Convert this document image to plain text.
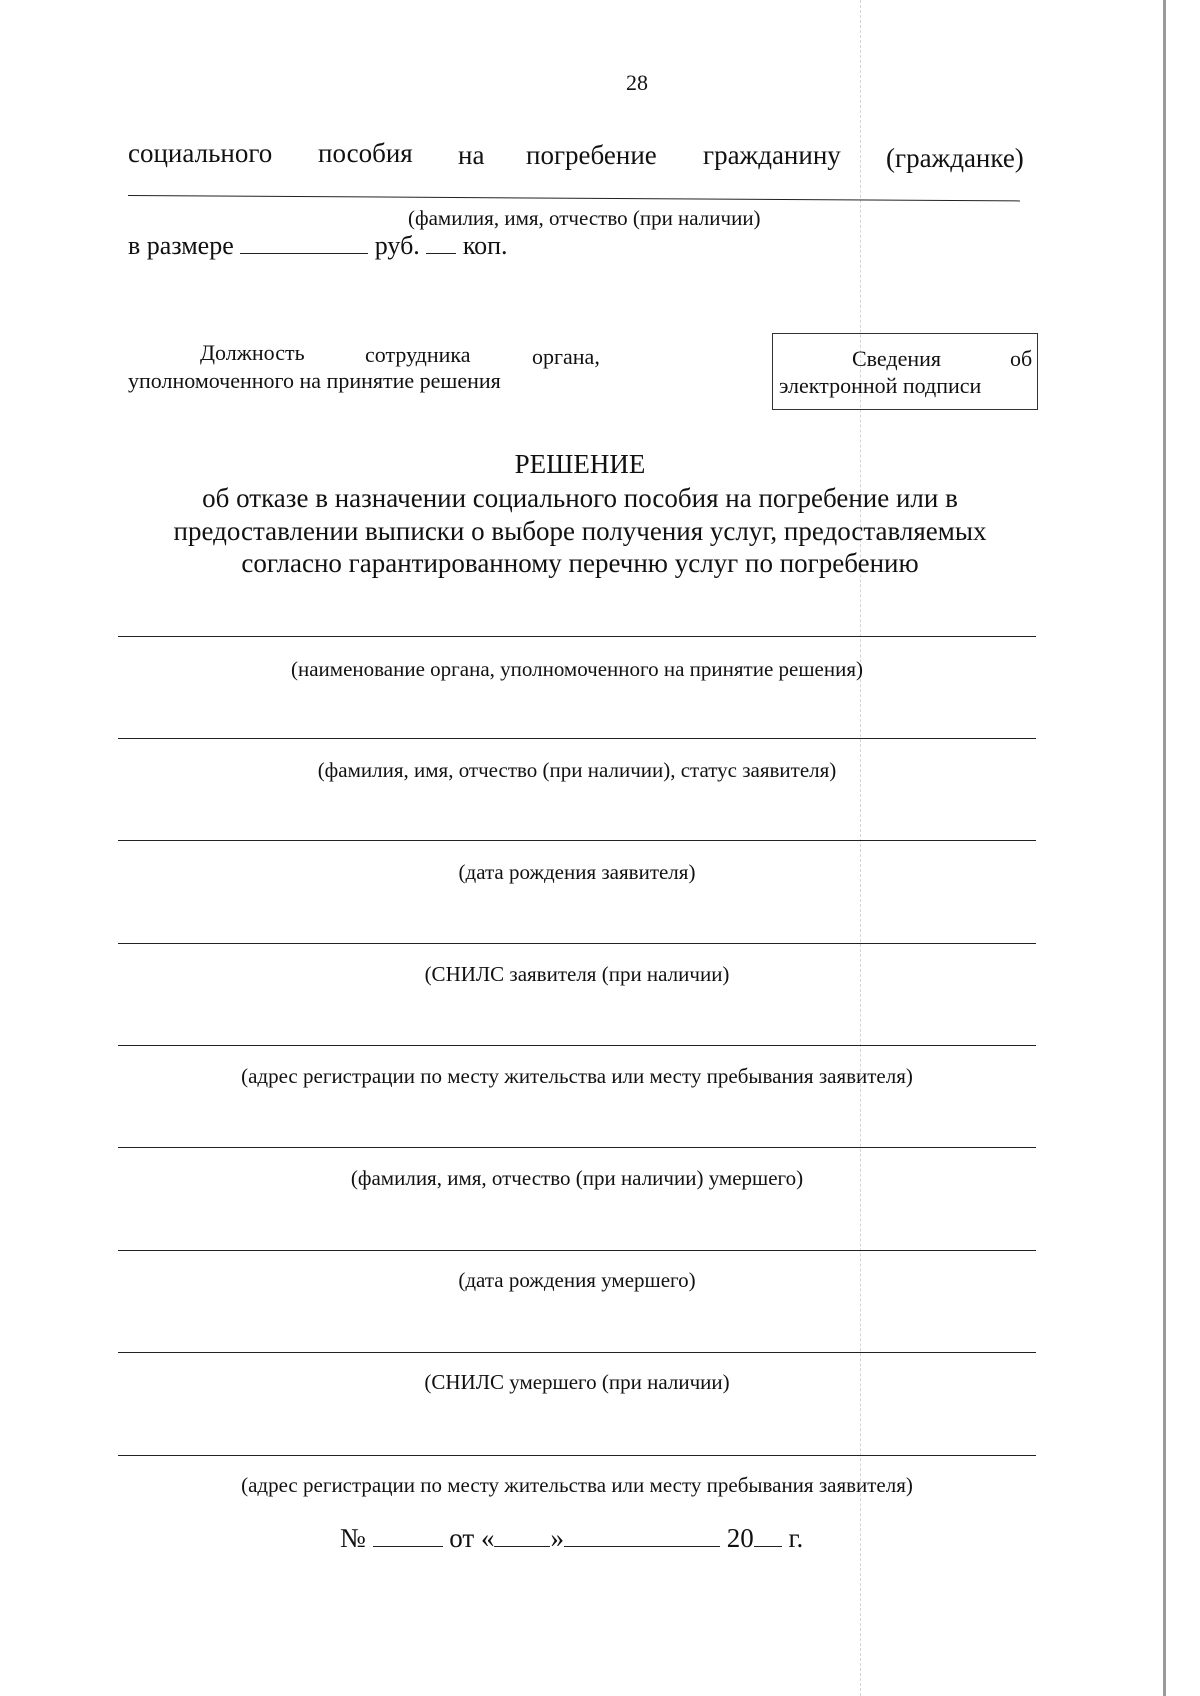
28
социального пособия на погребение гражданину (гражданке)
(фамилия, имя, отчество (при наличии)
в размере	руб. коп.
Должность	сотрудника	органа,
уполномоченного на принятие решения
Сведения	об
электронной подписи
РЕШЕНИЕ
об отказе в назначении социального пособия на погребение или в
предоставлении выписки о выборе получения услуг, предоставляемых
согласно гарантированному перечню услуг по погребению
(наименование органа, уполномоченного на принятие решения)
(фамилия, имя, отчество (при наличии), статус заявителя)
(дата рождения заявителя)
(СНИЛС заявителя (при наличии)
(адрес регистрации по месту жительства или месту пребывания заявителя)
(фамилия, имя, отчество (при наличии) умершего)
(дата рождения умершего)
(СНИЛС умершего (при наличии)
(адрес регистрации по месту жительства или месту пребывания заявителя)
№	от « »	20 г.
